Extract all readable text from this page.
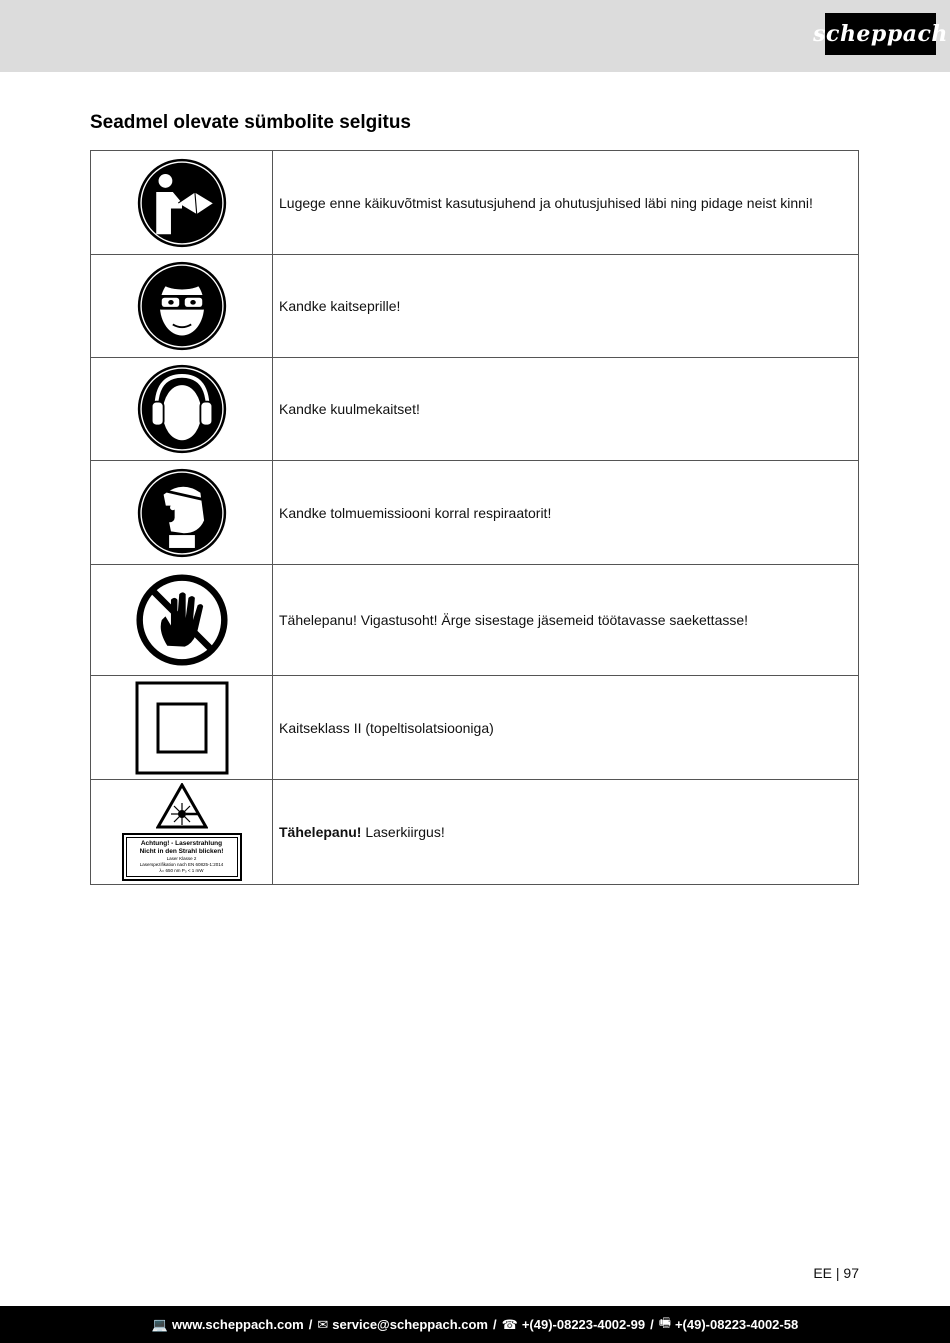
scheppach
Seadmel olevate sümbolite selgitus
	Lugege enne käikuvõtmist kasutusjuhend ja ohutusjuhised läbi ning pidage neist kinni!

	Kandke kaitseprille!

	Kandke kuulmekaitset!

	Kandke tolmuemissiooni korral respiraatorit!

	Tähelepanu! Vigastusoht! Ärge sisestage jäsemeid töötavasse saekettasse!

	Kaitseklass II (topeltisolatsiooniga)

Achtung! - Laserstrahlung
Nicht in den Strahl blicken!
Laser Klasse 2
Laserspezifikation nach EN 60825-1:2014
λ= 650 nm P₀ < 1 mW	Tähelepanu! Laserkiirgus!
EE | 97
💻 www.scheppach.com / ✉ service@scheppach.com / ☎ +(49)-08223-4002-99 / 🖷 +(49)-08223-4002-58
